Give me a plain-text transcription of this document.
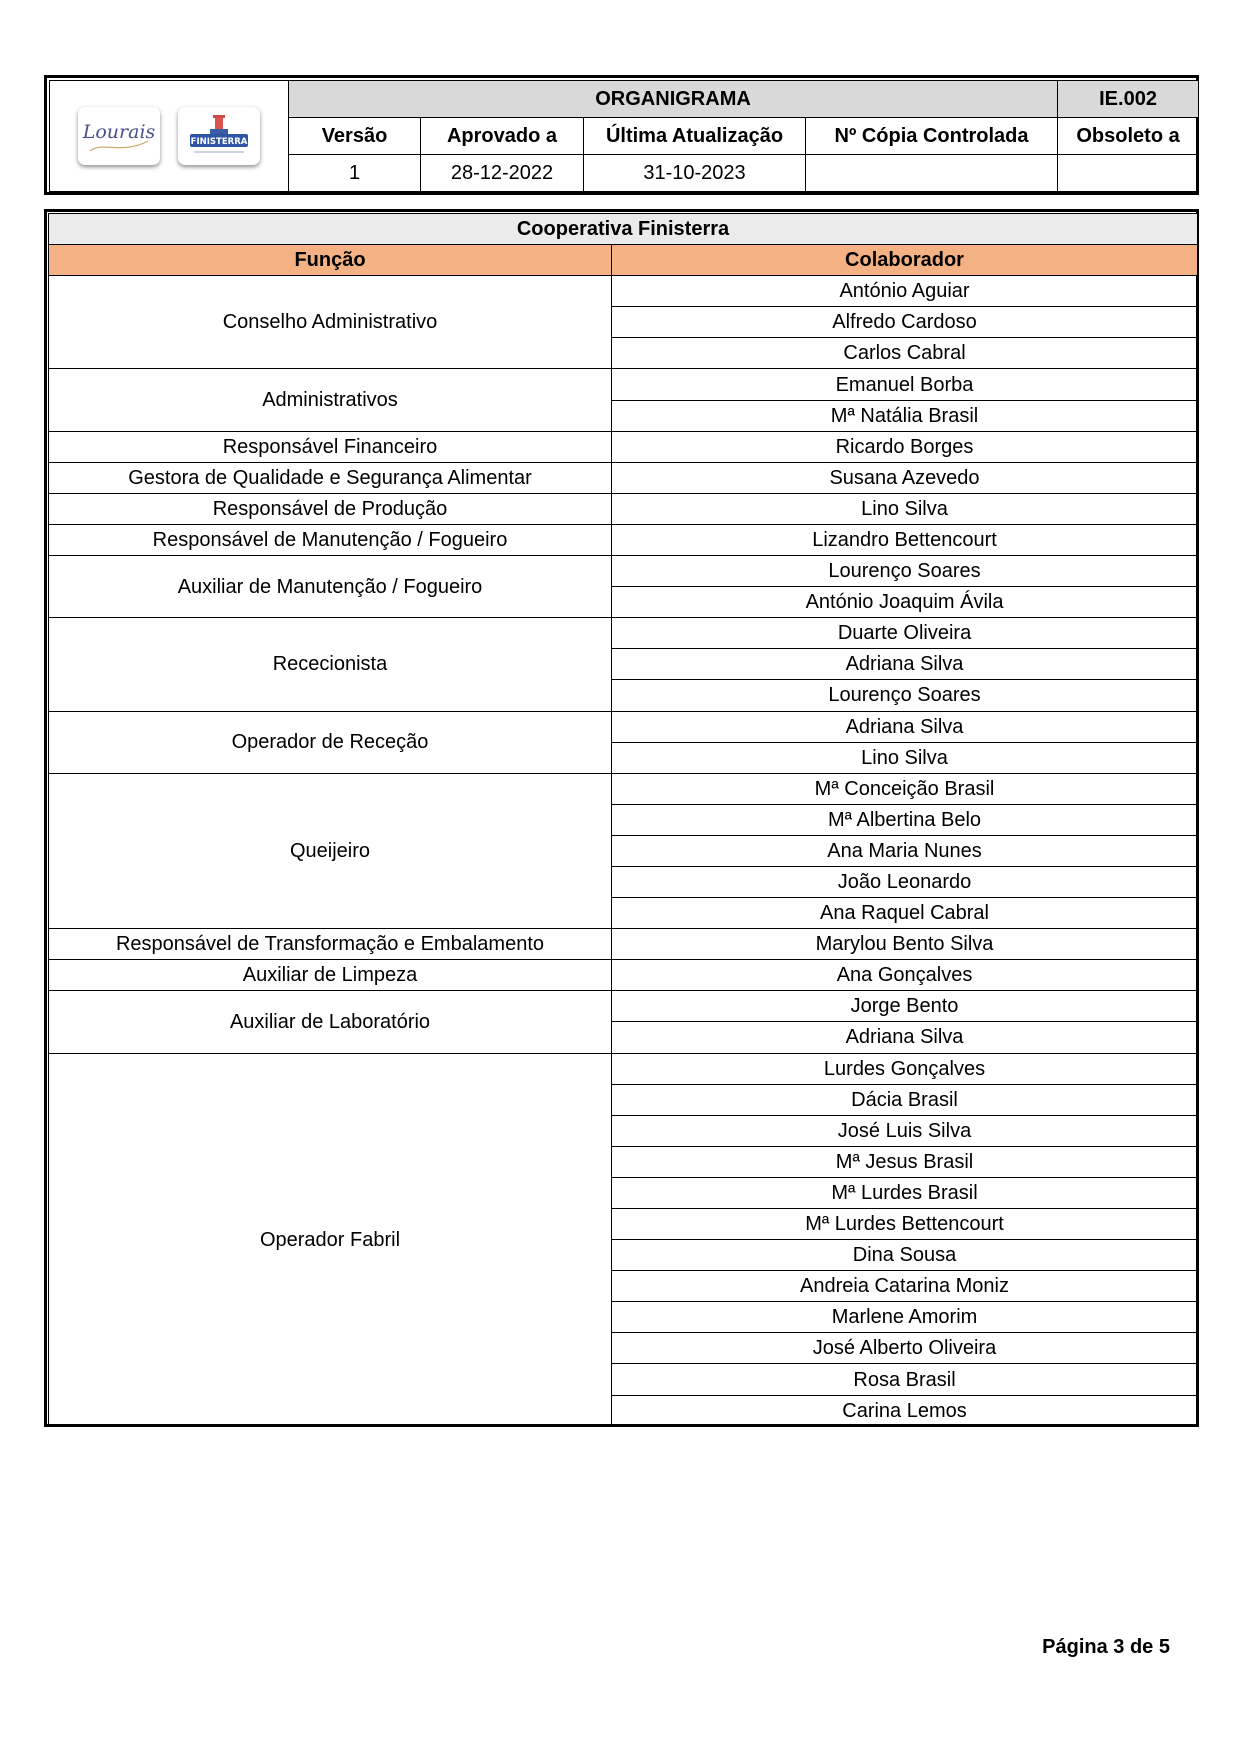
Lourais FINISTERRA	ORGANIGRAMA				IE.002
	Versão	Aprovado a	Última Atualização	Nº Cópia Controlada	Obsoleto a
	1	28-12-2022	31-10-2023		
Cooperativa Finisterra	
Função	Colaborador
Conselho Administrativo	António Aguiar
	Alfredo Cardoso
	Carlos Cabral
Administrativos	Emanuel Borba
	Mª Natália Brasil
Responsável Financeiro	Ricardo Borges
Gestora de Qualidade e Segurança Alimentar	Susana Azevedo
Responsável de Produção	Lino Silva
Responsável de Manutenção / Fogueiro	Lizandro Bettencourt
Auxiliar de Manutenção / Fogueiro	Lourenço Soares
	António Joaquim Ávila
Rececionista	Duarte Oliveira
	Adriana Silva
	Lourenço Soares
Operador de Receção	Adriana Silva
	Lino Silva
Queijeiro	Mª Conceição Brasil
	Mª Albertina Belo
	Ana Maria Nunes
	João Leonardo
	Ana Raquel Cabral
Responsável de Transformação e Embalamento	Marylou Bento Silva
Auxiliar de Limpeza	Ana Gonçalves
Auxiliar de Laboratório	Jorge Bento
	Adriana Silva
Operador Fabril	Lurdes Gonçalves
	Dácia Brasil
	José Luis Silva
	Mª Jesus Brasil
	Mª Lurdes Brasil
	Mª Lurdes Bettencourt
	Dina Sousa
	Andreia Catarina Moniz
	Marlene Amorim
	José Alberto Oliveira
	Rosa Brasil
	Carina Lemos
Página 3 de 5
